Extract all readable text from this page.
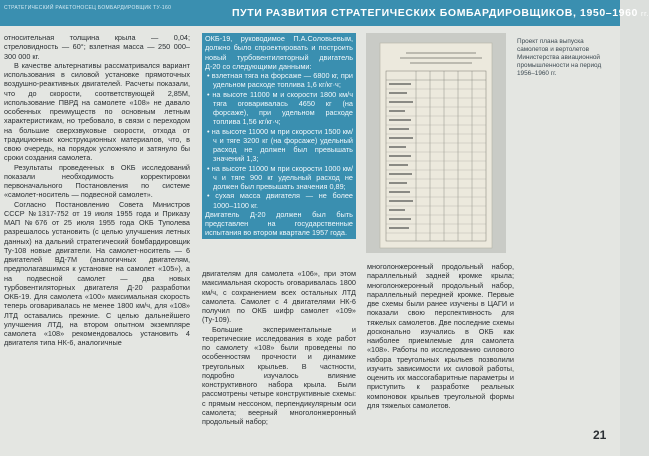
СТРАТЕГИЧЕСКИЙ РАКЕТОНОСЕЦ БОМБАРДИРОВЩИК ТУ-160	ПУТИ РАЗВИТИЯ СТРАТЕГИЧЕСКИХ БОМБАРДИРОВЩИКОВ, 1950–1960 гг.

относительная толщина крыла — 0,04; стреловидность — 60°; взлетная масса — 250 000–300 000 кг.

В качестве альтернативы рассматривался вариант использования в силовой установке прямоточных воздушно-реактивных двигателей. Расчеты показали, что до скорости, соответствующей 2,85М, использование ПВРД на самолете «108» не давало особенных преимуществ по основным летным характеристикам, но требовало, в связи с переходом на большие сверхзвуковые скорости, отхода от традиционных конструкционных материалов, что, в свою очередь, на порядок усложняло и затянуло бы сроки создания самолета.

Результаты проведенных в ОКБ исследований показали необходимость корректировки первоначального Постановления по системе «самолет-носитель — подвесной самолет».

Согласно Постановлению Совета Министров СССР №1317-752 от 19 июля 1955 года и Приказу МАП №676 от 25 июля 1955 года ОКБ Туполева разрешалось установить (с целью улучшения летных данных) на дальний стратегический бомбардировщик Ту-108 новые двигатели. На самолет-носитель — 6 двигателей ВД-7М (аналогичных двигателям, предполагавшимся к установке на самолет «105»), а на подвесной самолет — два новых турбовентиляторных двигателя Д-20 разработки ОКБ-19. Для самолета «100» максимальная скорость теперь оговаривалась не менее 1800 км/ч, для «108» ЛТД оставались прежние. С целью дальнейшего улучшения ЛТД, на втором опытном экземпляре самолета «108» рекомендовалось установить 4 двигателя типа НК-6, аналогичные

ОКБ-19, руководимое П.А.Соловьевым, должно было спроектировать и построить новый турбовентиляторный двигатель Д-20 со следующими данными:

• взлетная тяга на форсаже — 6800 кг, при удельном расходе топлива 1,6 кг/кг·ч;

• на высоте 11000 м и скорости 1800 км/ч тяга оговаривалась 4650 кг (на форсаже), при удельном расходе топлива 1,56 кг/кг·ч;

• на высоте 11000 м при скорости 1500 км/ч и тяге 3200 кг (на форсаже) удельный расход не должен был превышать значений 1,3;

• на высоте 11000 м при скорости 1000 км/ч и тяге 900 кг удельный расход не должен был превышать значения 0,89;

• сухая масса двигателя — не более 1000–1100 кг.

Двигатель Д-20 должен был быть представлен на государственные испытания во втором квартале 1957 года.

Проект плана выпуска самолетов и вертолетов Министерства авиационной промышленности на период 1956–1960 гг.

двигателям для самолета «106», при этом максимальная скорость оговаривалась 1800 км/ч, с сохранением всех остальных ЛТД самолета. Самолет с 4 двигателями НК-6 получил по ОКБ шифр самолет «109» (Ту-109).

Большие экспериментальные и теоретические исследования в ходе работ по самолету «108» были проведены по особенностям прочности и динамике треугольных крыльев. В частности, подробно изучалось влияние конструктивного набора крыла. Были рассмотрены четыре конструктивные схемы: с прямым нессоном, перпендикулярным оси самолета; веерный многолонжеронный продольный набор;

многолонжеронный продольный набор, параллельный задней кромке крыла; многолонжеронный продольный набор, параллельный передней кромке. Первые две схемы были ранее изучены в ЦАГИ и показали свою перспективность для тяжелых самолетов. Две последние схемы досконально изучались в ОКБ как наиболее приемлемые для самолета «108». Работы по исследованию силового набора треугольных крыльев позволили изучить зависимости их силовой работы, оценить их массогабаритные параметры и приступить к разработке реальных компоновок крыльев треугольной формы для тяжелых самолетов.

21
